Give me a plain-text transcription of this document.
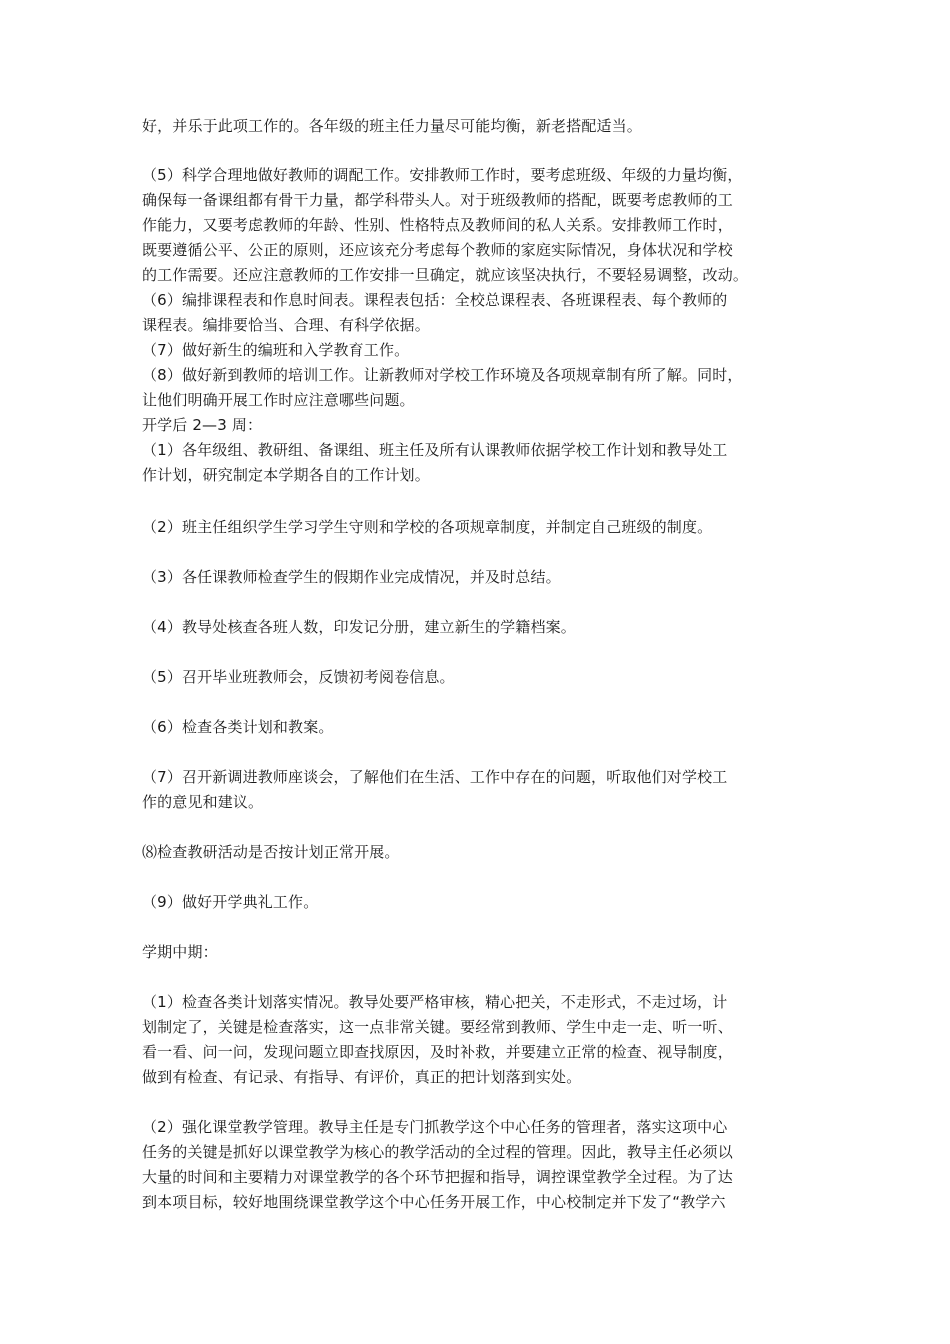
好，并乐于此项工作的。各年级的班主任力量尽可能均衡，新老搭配适当。
（5）科学合理地做好教师的调配工作。安排教师工作时，要考虑班级、年级的力量均衡，
确保每一备课组都有骨干力量，都学科带头人。对于班级教师的搭配，既要考虑教师的工
作能力，又要考虑教师的年龄、性别、性格特点及教师间的私人关系。安排教师工作时，
既要遵循公平、公正的原则，还应该充分考虑每个教师的家庭实际情况，身体状况和学校
的工作需要。还应注意教师的工作安排一旦确定，就应该坚决执行，不要轻易调整，改动。
（6）编排课程表和作息时间表。课程表包括：全校总课程表、各班课程表、每个教师的
课程表。编排要恰当、合理、有科学依据。
（7）做好新生的编班和入学教育工作。
（8）做好新到教师的培训工作。让新教师对学校工作环境及各项规章制有所了解。同时，
让他们明确开展工作时应注意哪些问题。
开学后 2—3 周：
（1）各年级组、教研组、备课组、班主任及所有认课教师依据学校工作计划和教导处工
作计划，研究制定本学期各自的工作计划。
（2）班主任组织学生学习学生守则和学校的各项规章制度，并制定自己班级的制度。
（3）各任课教师检查学生的假期作业完成情况，并及时总结。
（4）教导处核查各班人数，印发记分册，建立新生的学籍档案。
（5）召开毕业班教师会，反馈初考阅卷信息。
（6）检查各类计划和教案。
（7）召开新调进教师座谈会，了解他们在生活、工作中存在的问题，听取他们对学校工
作的意见和建议。
⑻检查教研活动是否按计划正常开展。
（9）做好开学典礼工作。
学期中期：
（1）检查各类计划落实情况。教导处要严格审核，精心把关，不走形式，不走过场，计
划制定了，关键是检查落实，这一点非常关键。要经常到教师、学生中走一走、听一听、
看一看、问一问，发现问题立即查找原因，及时补救，并要建立正常的检查、视导制度，
做到有检查、有记录、有指导、有评价，真正的把计划落到实处。
（2）强化课堂教学管理。教导主任是专门抓教学这个中心任务的管理者，落实这项中心
任务的关键是抓好以课堂教学为核心的教学活动的全过程的管理。因此，教导主任必须以
大量的时间和主要精力对课堂教学的各个环节把握和指导，调控课堂教学全过程。为了达
到本项目标，较好地围绕课堂教学这个中心任务开展工作，中心校制定并下发了“教学六
